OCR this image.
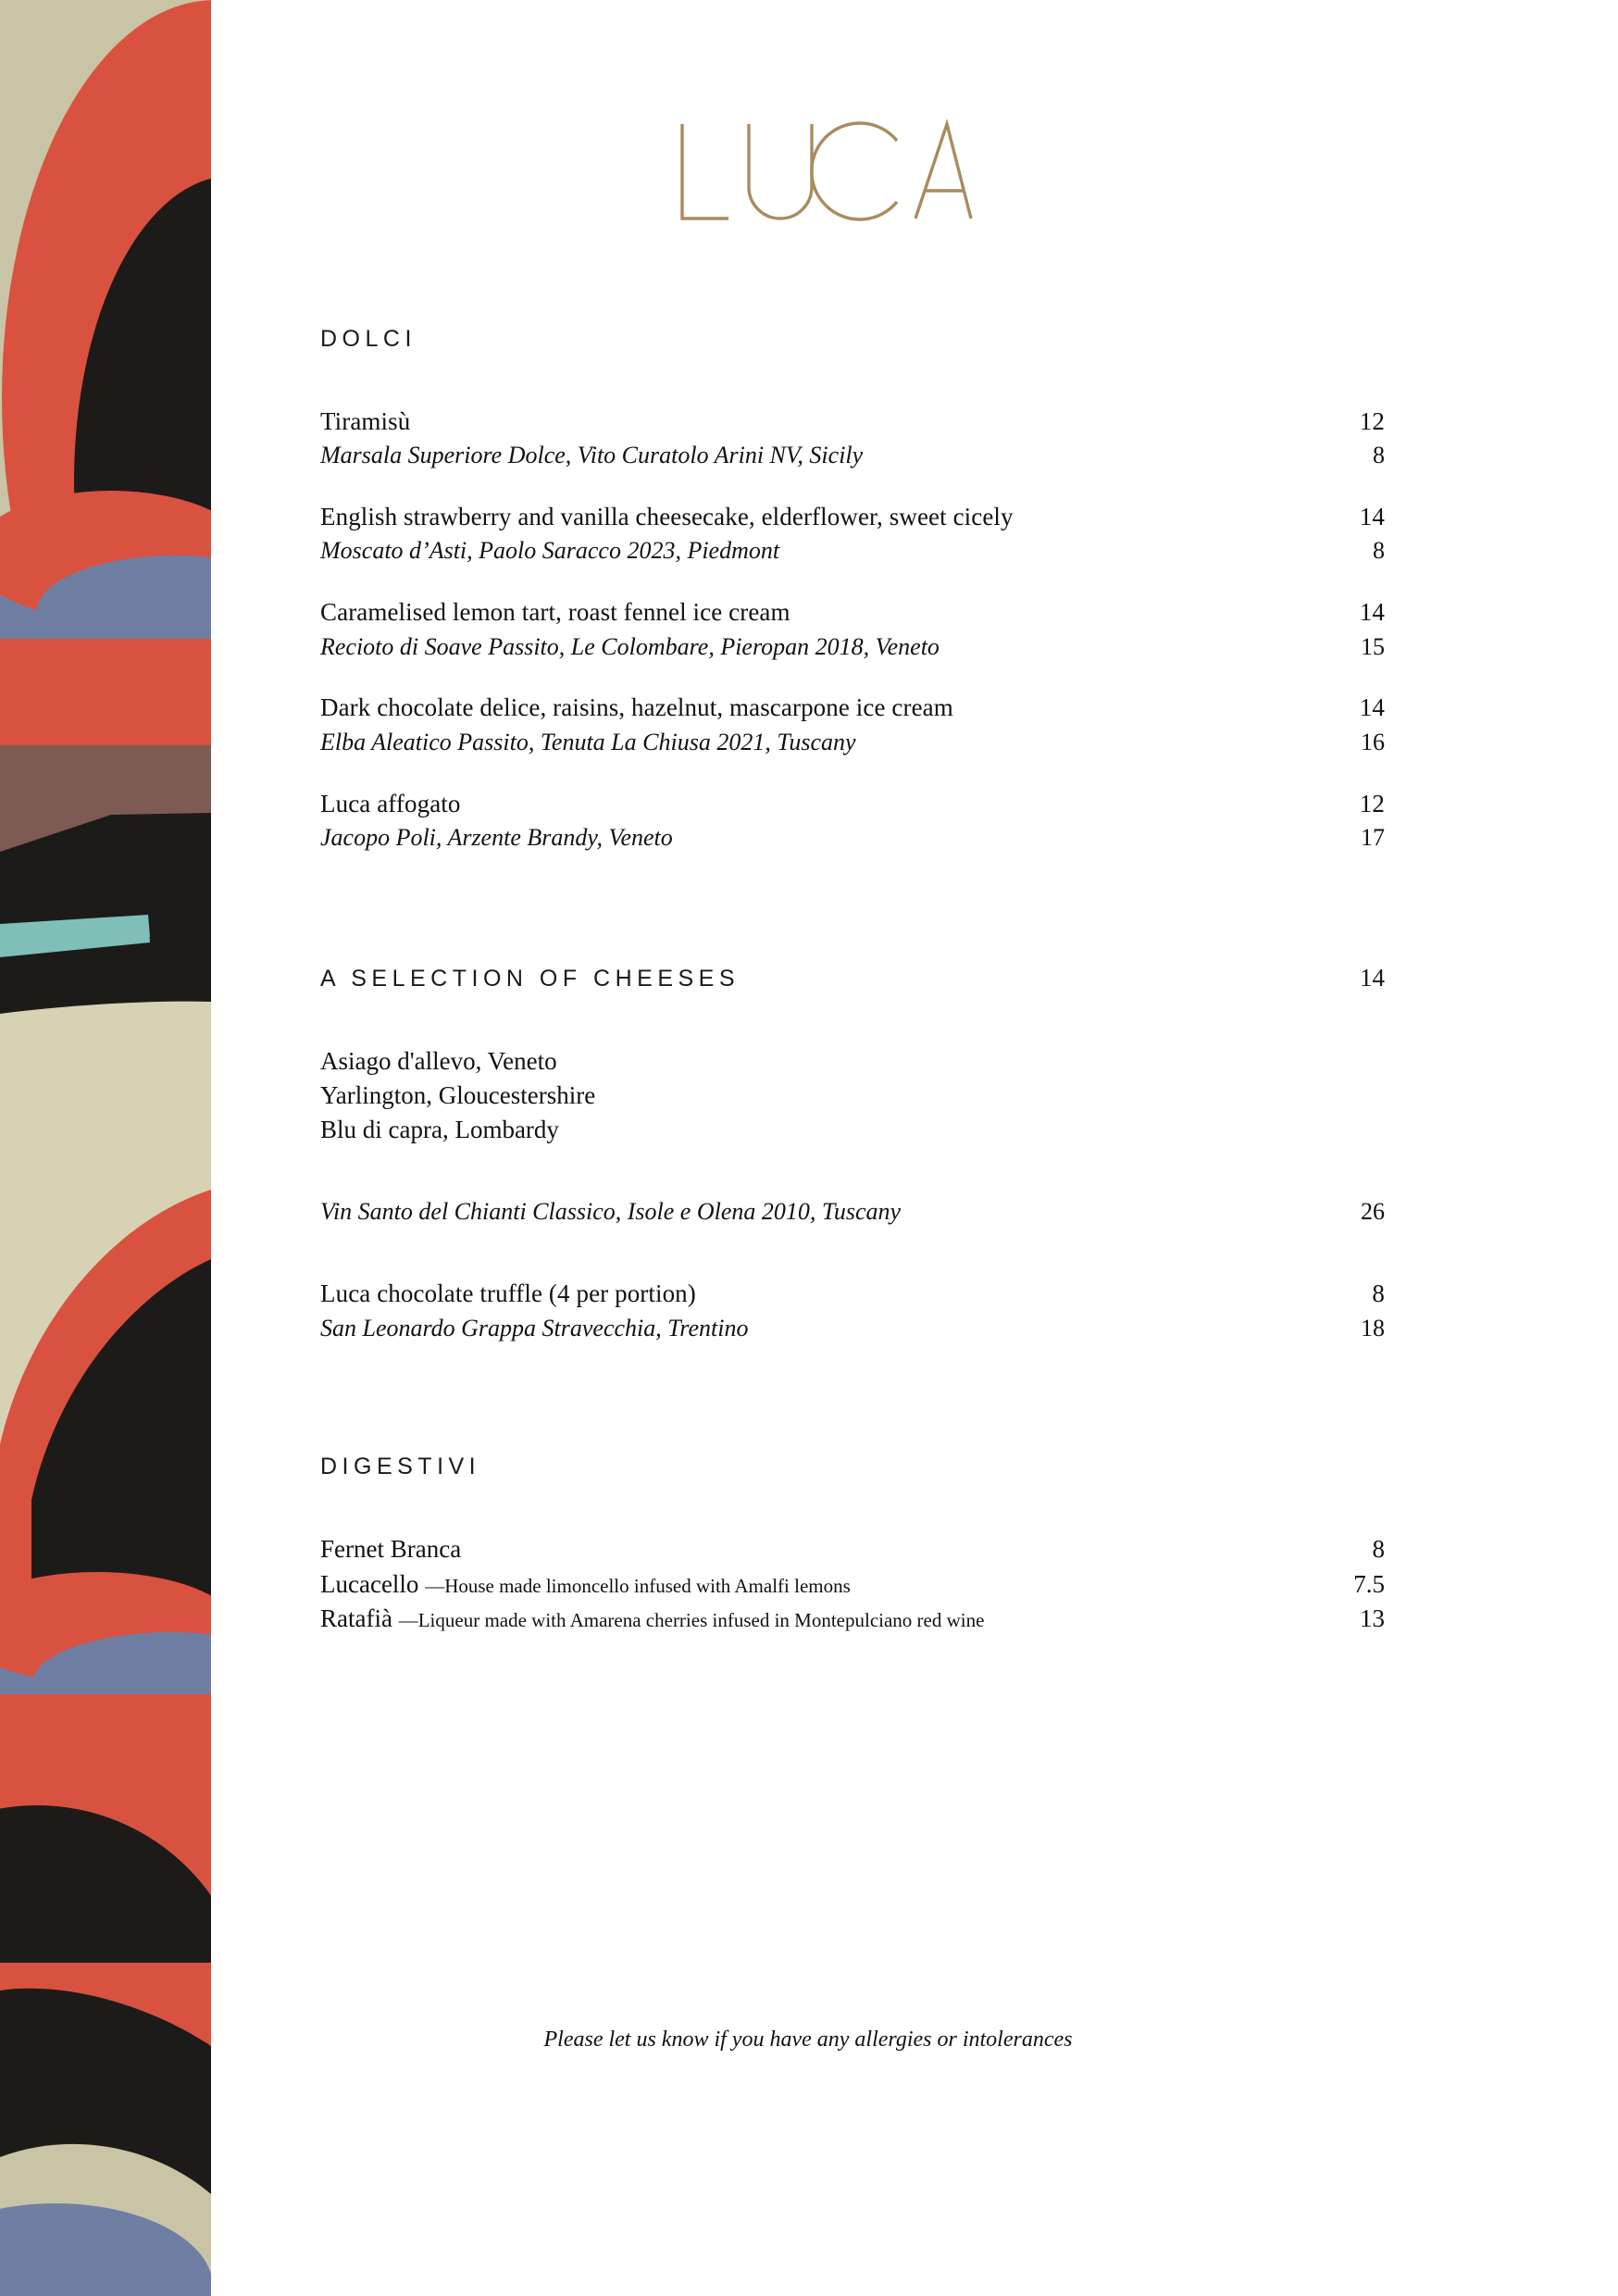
DOLCI
Tiramisù	12
Marsala Superiore Dolce, Vito Curatolo Arini NV, Sicily	8
English strawberry and vanilla cheesecake, elderflower, sweet cicely	14
Moscato d’Asti, Paolo Saracco 2023, Piedmont	8
Caramelised lemon tart, roast fennel ice cream	14
Recioto di Soave Passito, Le Colombare, Pieropan 2018, Veneto	15
Dark chocolate delice, raisins, hazelnut, mascarpone ice cream	14
Elba Aleatico Passito, Tenuta La Chiusa 2021, Tuscany	16
Luca affogato	12
Jacopo Poli, Arzente Brandy, Veneto	17
A SELECTION OF CHEESES	14
Asiago d'allevo, Veneto
Yarlington, Gloucestershire
Blu di capra, Lombardy
Vin Santo del Chianti Classico, Isole e Olena 2010, Tuscany	26
Luca chocolate truffle (4 per portion)	8
San Leonardo Grappa Stravecchia, Trentino	18
DIGESTIVI
Fernet Branca	8
Lucacello —House made limoncello infused with Amalfi lemons	7.5
Ratafià —Liqueur made with Amarena cherries infused in Montepulciano red wine	13
Please let us know if you have any allergies or intolerances
